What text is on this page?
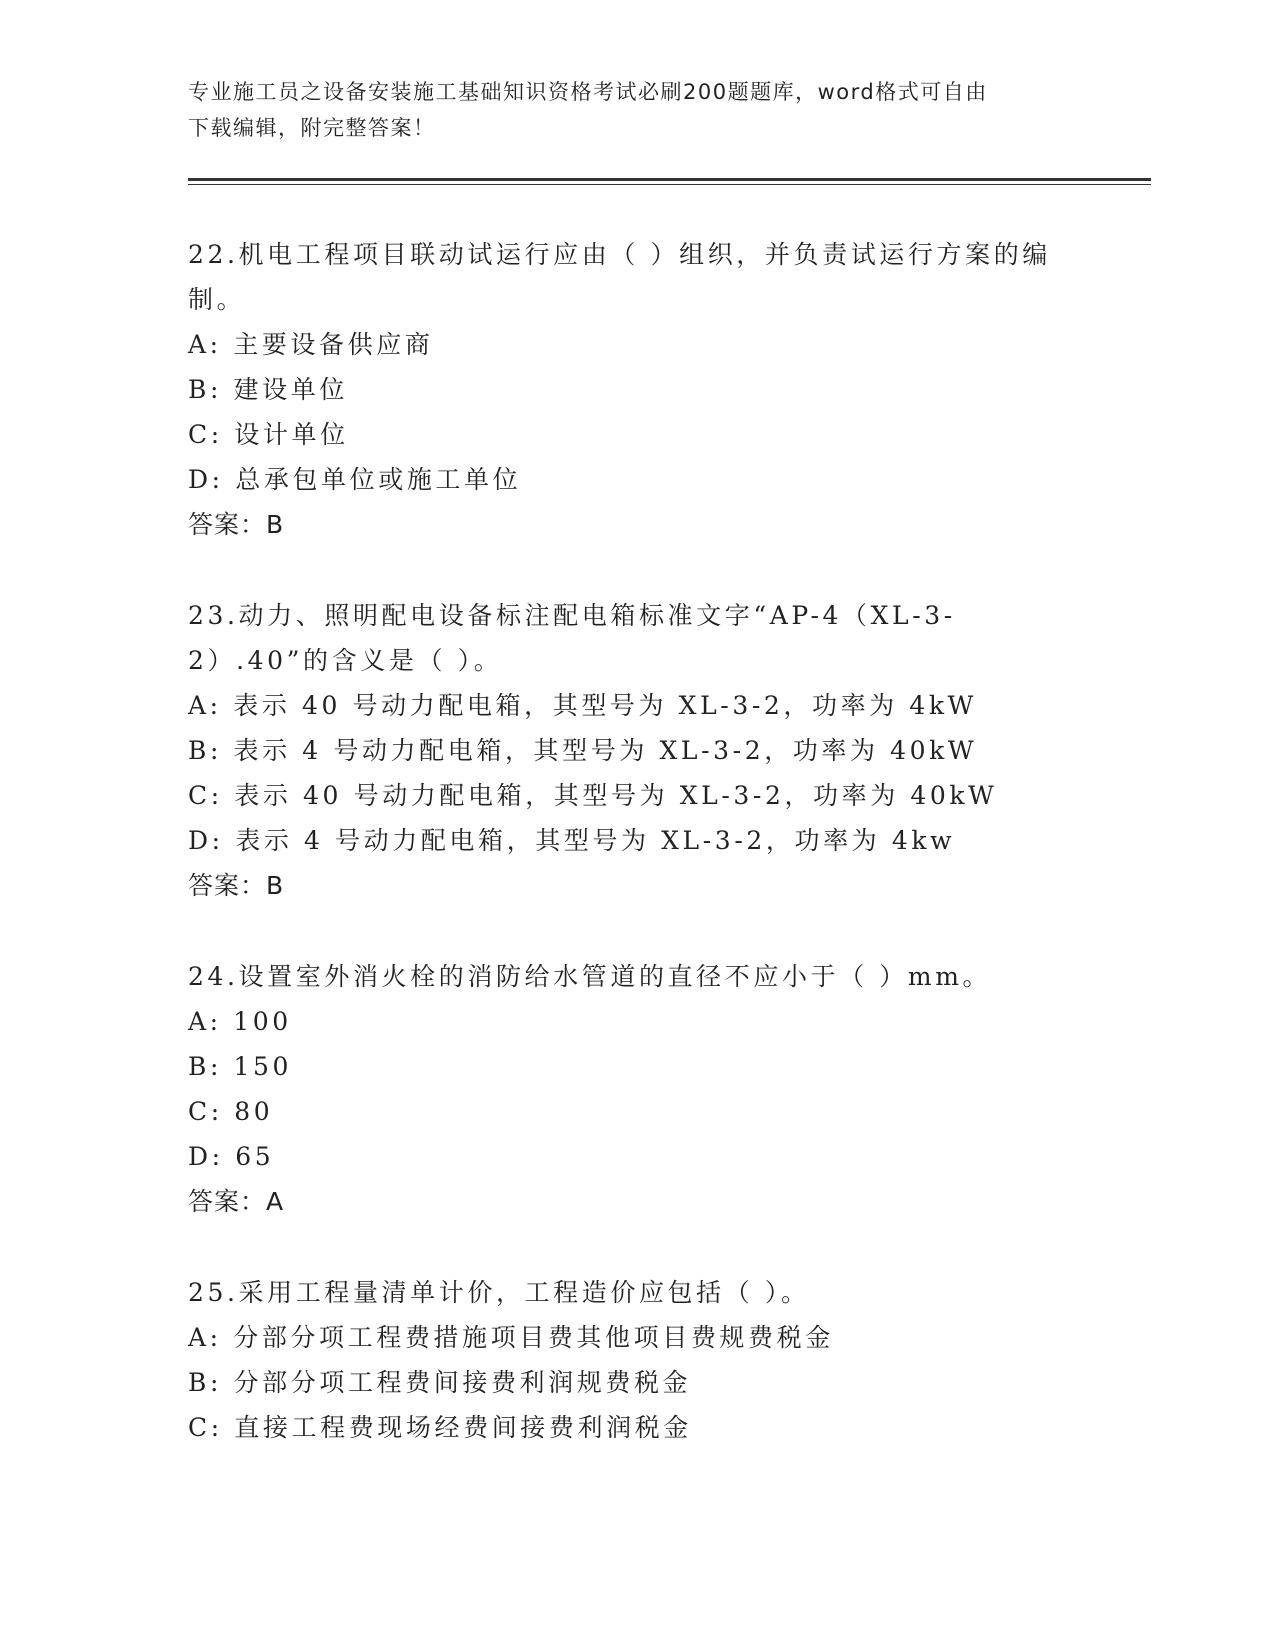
专业施工员之设备安装施工基础知识资格考试必刷200题题库，word格式可自由
下载编辑，附完整答案！

22.机电工程项目联动试运行应由（ ）组织，并负责试运行方案的编制。

A: 主要设备供应商

B: 建设单位

C: 设计单位

D: 总承包单位或施工单位

答案：B

23.动力、照明配电设备标注配电箱标准文字“AP-4（XL-3-2）.40”的含义是（ ）。

A: 表示 40 号动力配电箱，其型号为 XL-3-2，功率为 4kW

B: 表示 4 号动力配电箱，其型号为 XL-3-2，功率为 40kW

C: 表示 40 号动力配电箱，其型号为 XL-3-2，功率为 40kW

D: 表示 4 号动力配电箱，其型号为 XL-3-2，功率为 4kw

答案：B

24.设置室外消火栓的消防给水管道的直径不应小于（ ）mm。

A: 100

B: 150

C: 80

D: 65

答案：A

25.采用工程量清单计价，工程造价应包括（ ）。

A: 分部分项工程费措施项目费其他项目费规费税金

B: 分部分项工程费间接费利润规费税金

C: 直接工程费现场经费间接费利润税金
